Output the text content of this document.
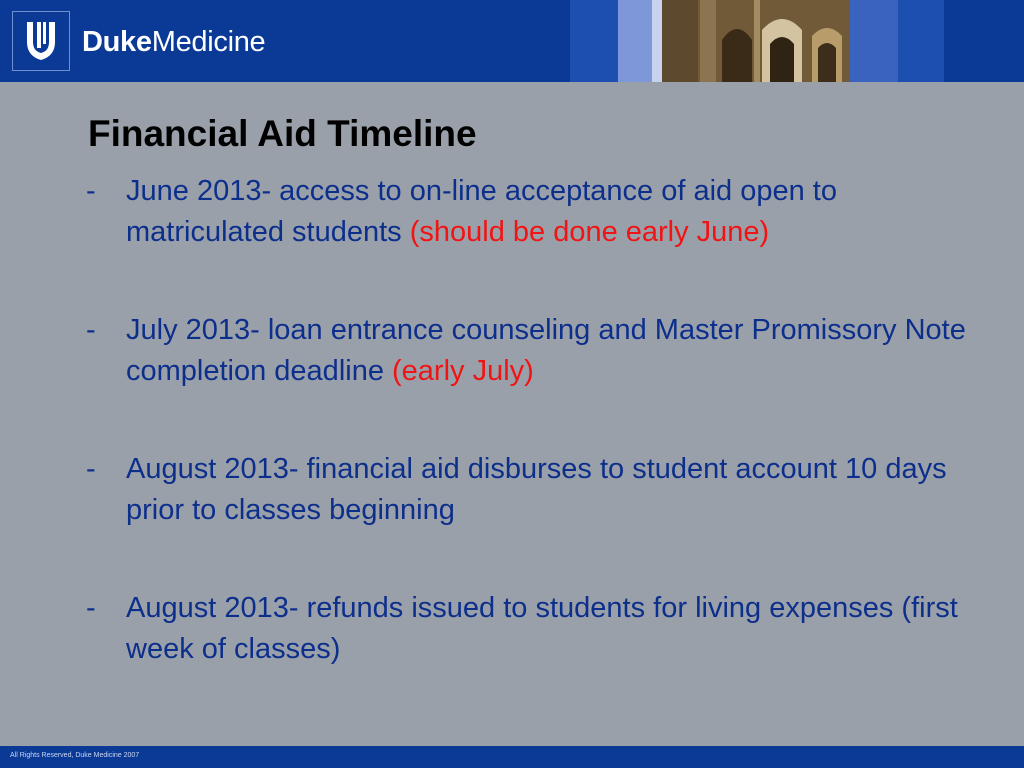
DukeMedicine
Financial Aid Timeline
- June 2013- access to on-line acceptance of aid open to matriculated students (should be done early June)
- July 2013- loan entrance counseling and Master Promissory Note completion deadline (early July)
- August 2013- financial aid disburses to student account 10 days prior to classes beginning
- August 2013- refunds issued to students for living expenses (first week of classes)
All Rights Reserved, Duke Medicine 2007
